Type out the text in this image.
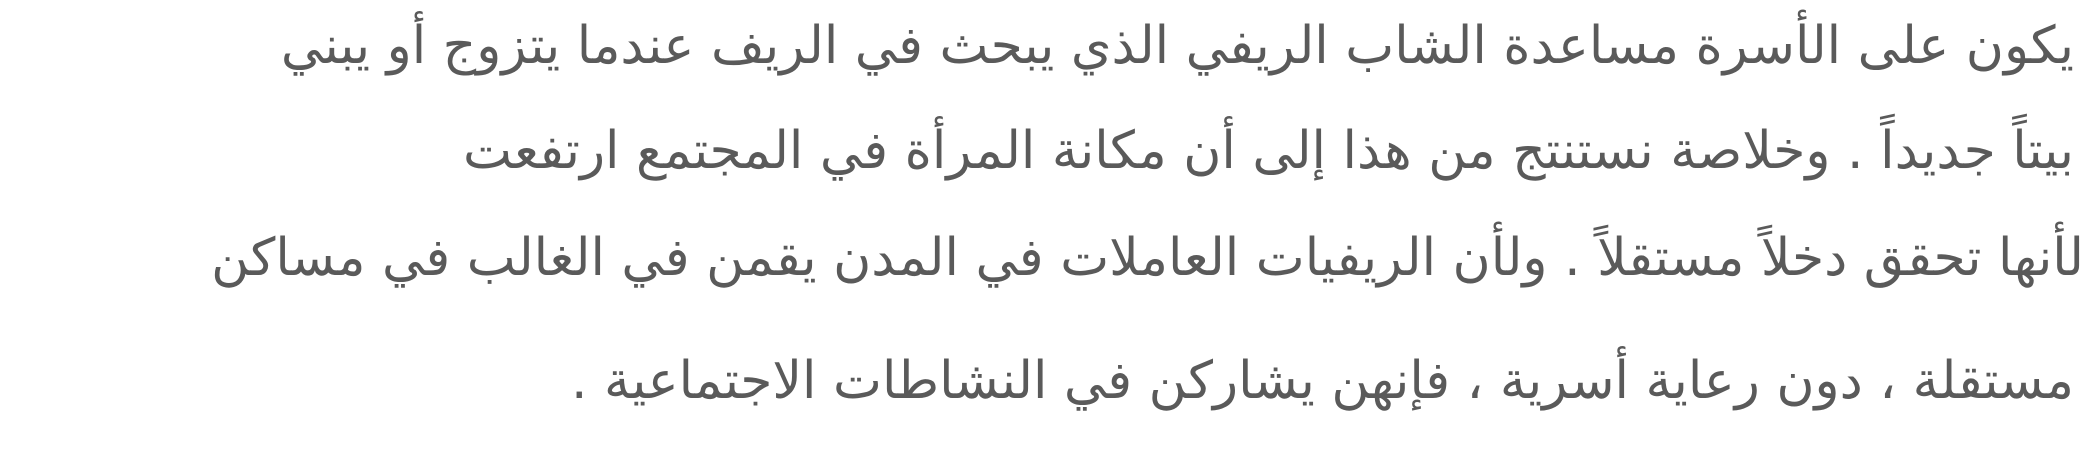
يكون على الأسرة مساعدة الشاب الريفي الذي يبحث في الريف عندما يتزوج أو يبني
بيتاً جديداً . وخلاصة نستنتج من هذا إلى أن مكانة المرأة في المجتمع ارتفعت
لأنها تحقق دخلاً مستقلاً . ولأن الريفيات العاملات في المدن يقمن في الغالب في مساكن
مستقلة ، دون رعاية أسرية ، فإنهن يشاركن في النشاطات الاجتماعية .
